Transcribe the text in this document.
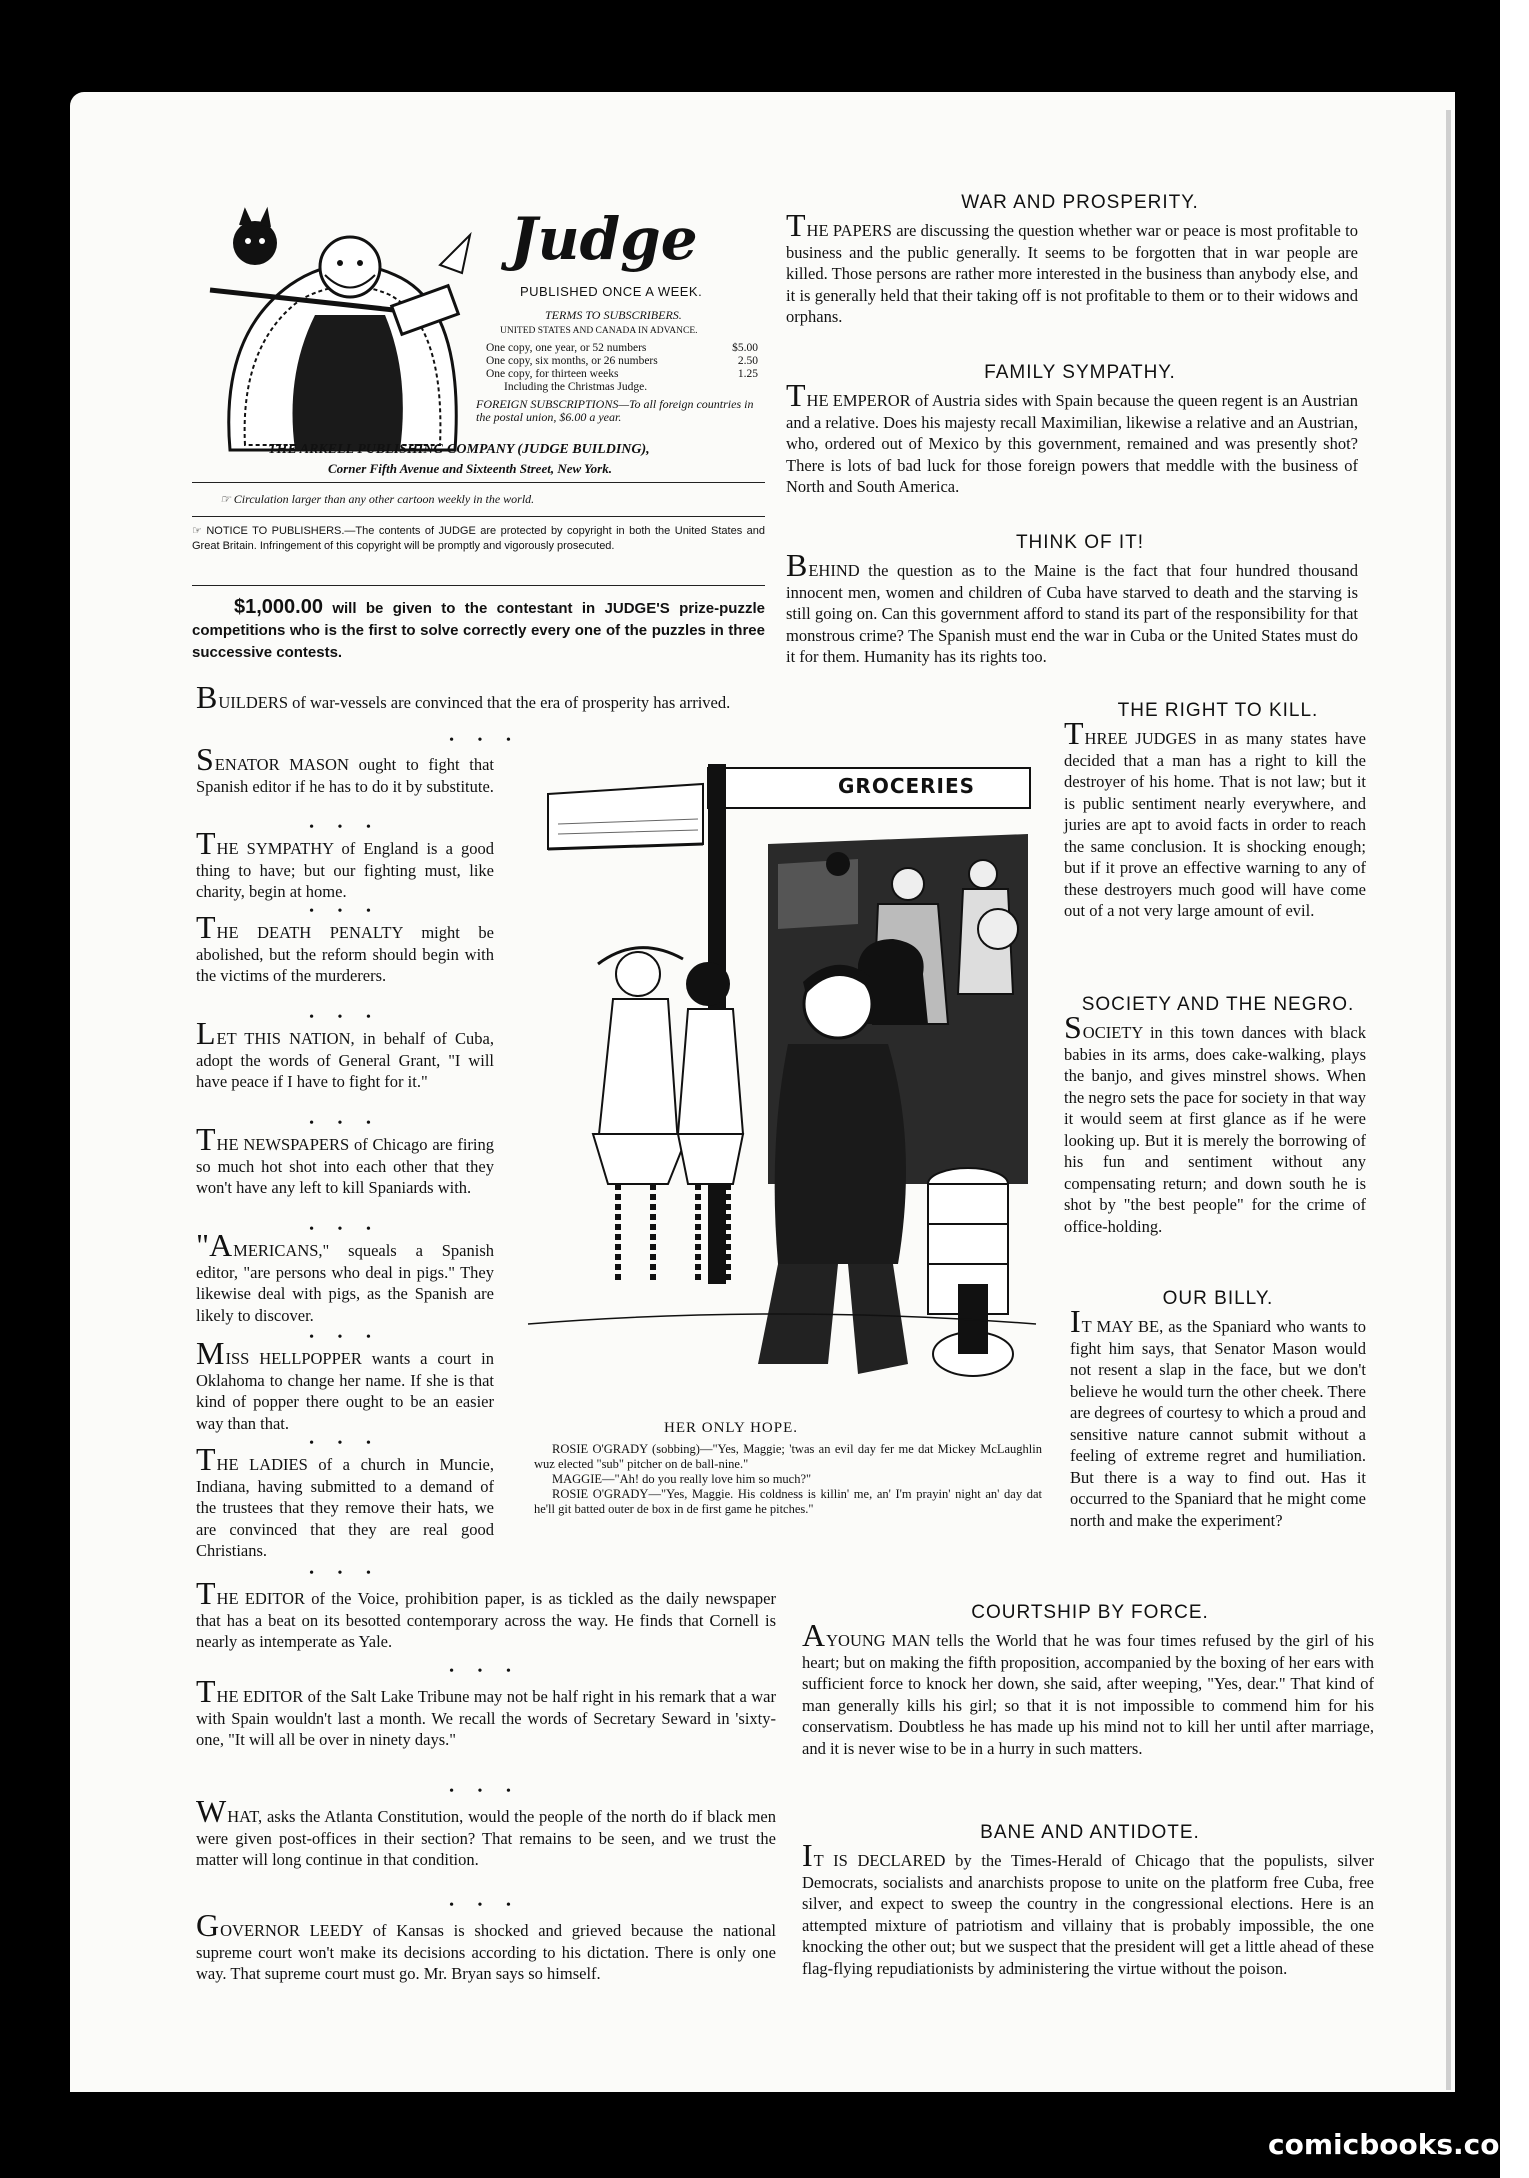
Judge
PUBLISHED ONCE A WEEK.
TERMS TO SUBSCRIBERS.
UNITED STATES AND CANADA IN ADVANCE.
One copy, one year, or 52 numbers	$5.00
One copy, six months, or 26 numbers	2.50
One copy, for thirteen weeks	1.25
Including the Christmas Judge.
FOREIGN SUBSCRIPTIONS—To all foreign countries in the postal union, $6.00 a year.
THE ARKELL PUBLISHING COMPANY (JUDGE BUILDING),
Corner Fifth Avenue and Sixteenth Street, New York.
☞ Circulation larger than any other cartoon weekly in the world.
☞ NOTICE TO PUBLISHERS.—The contents of JUDGE are protected by copyright in both the United States and Great Britain. Infringement of this copyright will be promptly and vigorously prosecuted.
$1,000.00 will be given to the contestant in JUDGE'S prize-puzzle competitions who is the first to solve correctly every one of the puzzles in three successive contests.
BUILDERS of war-vessels are convinced that the era of prosperity has arrived.
• • •
SENATOR MASON ought to fight that Spanish editor if he has to do it by substitute.
• • •
THE SYMPATHY of England is a good thing to have; but our fighting must, like charity, begin at home.
• • •
THE DEATH PENALTY might be abolished, but the reform should begin with the victims of the murderers.
• • •
LET THIS NATION, in behalf of Cuba, adopt the words of General Grant, "I will have peace if I have to fight for it."
• • •
THE NEWSPAPERS of Chicago are firing so much hot shot into each other that they won't have any left to kill Spaniards with.
• • •
"AMERICANS," squeals a Spanish editor, "are persons who deal in pigs." They likewise deal with pigs, as the Spanish are likely to discover.
• • •
MISS HELLPOPPER wants a court in Oklahoma to change her name. If she is that kind of popper there ought to be an easier way than that.
• • •
THE LADIES of a church in Muncie, Indiana, having submitted to a demand of the trustees that they remove their hats, we are convinced that they are real good Christians.
• • •
GROCERIES
HER ONLY HOPE.
ROSIE O'GRADY (sobbing)—"Yes, Maggie; 'twas an evil day fer me dat Mickey McLaughlin wuz elected "sub" pitcher on de ball-nine."
MAGGIE—"Ah! do you really love him so much?"
ROSIE O'GRADY—"Yes, Maggie. His coldness is killin' me, an' I'm prayin' night an' day dat he'll git batted outer de box in de first game he pitches."
THE EDITOR of the Voice, prohibition paper, is as tickled as the daily newspaper that has a beat on its besotted contemporary across the way. He finds that Cornell is nearly as intemperate as Yale.
• • •
THE EDITOR of the Salt Lake Tribune may not be half right in his remark that a war with Spain wouldn't last a month. We recall the words of Secretary Seward in 'sixty-one, "It will all be over in ninety days."
• • •
WHAT, asks the Atlanta Constitution, would the people of the north do if black men were given post-offices in their section? That remains to be seen, and we trust the matter will long continue in that condition.
• • •
GOVERNOR LEEDY of Kansas is shocked and grieved because the national supreme court won't make its decisions according to his dictation. There is only one way. That supreme court must go. Mr. Bryan says so himself.
WAR AND PROSPERITY.
THE PAPERS are discussing the question whether war or peace is most profitable to business and the public generally. It seems to be forgotten that in war people are killed. Those persons are rather more interested in the business than anybody else, and it is generally held that their taking off is not profitable to them or to their widows and orphans.
FAMILY SYMPATHY.
THE EMPEROR of Austria sides with Spain because the queen regent is an Austrian and a relative. Does his majesty recall Maximilian, likewise a relative and an Austrian, who, ordered out of Mexico by this government, remained and was presently shot? There is lots of bad luck for those foreign powers that meddle with the business of North and South America.
THINK OF IT!
BEHIND the question as to the Maine is the fact that four hundred thousand innocent men, women and children of Cuba have starved to death and the starving is still going on. Can this government afford to stand its part of the responsibility for that monstrous crime? The Spanish must end the war in Cuba or the United States must do it for them. Humanity has its rights too.
THE RIGHT TO KILL.
THREE JUDGES in as many states have decided that a man has a right to kill the destroyer of his home. That is not law; but it is public sentiment nearly everywhere, and juries are apt to avoid facts in order to reach the same conclusion. It is shocking enough; but if it prove an effective warning to any of these destroyers much good will have come out of a not very large amount of evil.
SOCIETY AND THE NEGRO.
SOCIETY in this town dances with black babies in its arms, does cake-walking, plays the banjo, and gives minstrel shows. When the negro sets the pace for society in that way it would seem at first glance as if he were looking up. But it is merely the borrowing of his fun and sentiment without any compensating return; and down south he is shot by "the best people" for the crime of office-holding.
OUR BILLY.
IT MAY BE, as the Spaniard who wants to fight him says, that Senator Mason would not resent a slap in the face, but we don't believe he would turn the other cheek. There are degrees of courtesy to which a proud and sensitive nature cannot submit without a feeling of extreme regret and humiliation. But there is a way to find out. Has it occurred to the Spaniard that he might come north and make the experiment?
COURTSHIP BY FORCE.
AYOUNG MAN tells the World that he was four times refused by the girl of his heart; but on making the fifth proposition, accompanied by the boxing of her ears with sufficient force to knock her down, she said, after weeping, "Yes, dear." That kind of man generally kills his girl; so that it is not impossible to commend him for his conservatism. Doubtless he has made up his mind not to kill her until after marriage, and it is never wise to be in a hurry in such matters.
BANE AND ANTIDOTE.
IT IS DECLARED by the Times-Herald of Chicago that the populists, silver Democrats, socialists and anarchists propose to unite on the platform free Cuba, free silver, and expect to sweep the country in the congressional elections. Here is an attempted mixture of patriotism and villainy that is probably impossible, the one knocking the other out; but we suspect that the president will get a little ahead of these flag-flying repudiationists by administering the virtue without the poison.
comicbooks.com
